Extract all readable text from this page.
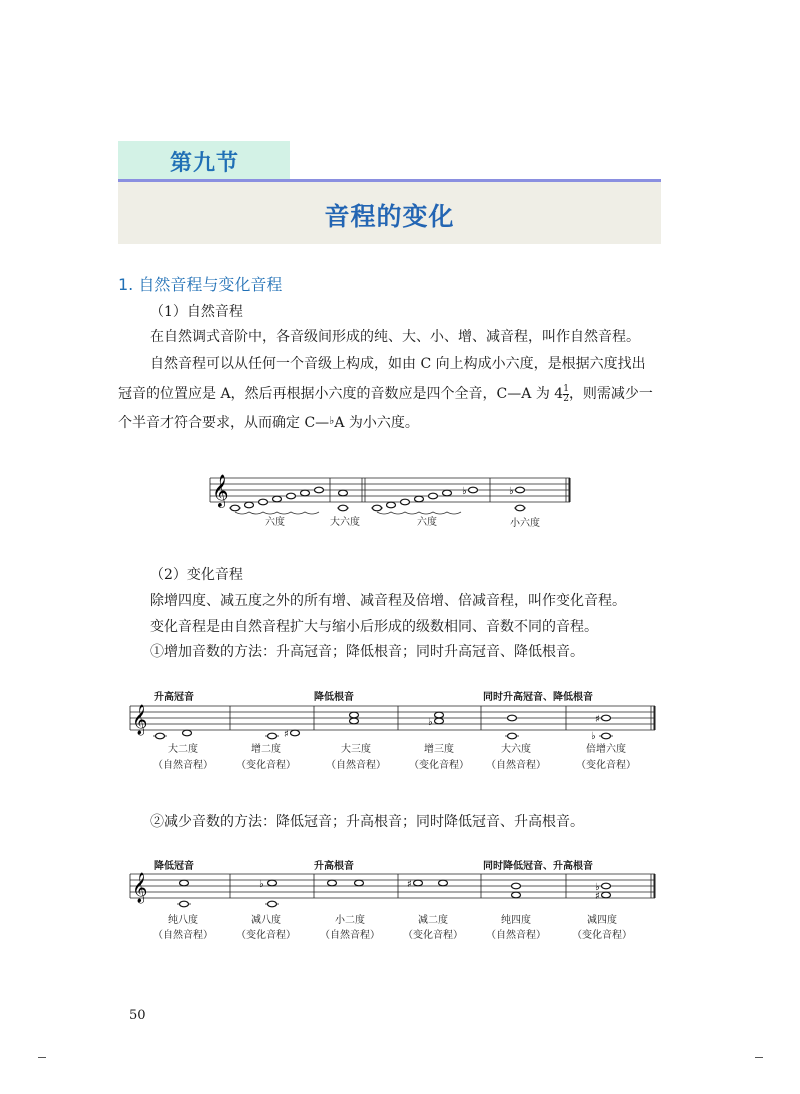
第九节
音程的变化
1. 自然音程与变化音程
（1）自然音程
在自然调式音阶中，各音级间形成的纯、大、小、增、减音程，叫作自然音程。
自然音程可以从任何一个音级上构成，如由 C 向上构成小六度，是根据六度找出
冠音的位置应是 A，然后再根据小六度的音数应是四个全音，C—A 为 $4 \frac{1}{2}$ ，则需减少一
个半音才符合要求，从而确定 C—♭A 为小六度。
𝄞	♭	♭
六度	大六度	六度	小六度
（2）变化音程
除增四度、减五度之外的所有增、减音程及倍增、倍减音程，叫作变化音程。
变化音程是由自然音程扩大与缩小后形成的级数相同、音数不同的音程。
①增加音数的方法：升高冠音；降低根音；同时升高冠音、降低根音。
升高冠音	降低根音	同时升高冠音、降低根音
𝄞	♯
♭	♯
♭
大二度	增二度	大三度	增三度	大六度	倍增六度
（自然音程）	（变化音程）	（自然音程）	（变化音程）	（自然音程）	（变化音程）
②减少音数的方法：降低冠音；升高根音；同时降低冠音、升高根音。
降低冠音	升高根音	同时降低冠音、升高根音
𝄞	♭	♯	♭
♯
纯八度	减八度	小二度	减二度	纯四度	减四度
（自然音程）	（变化音程）	（自然音程）	（变化音程）	（自然音程）	（变化音程）
50
